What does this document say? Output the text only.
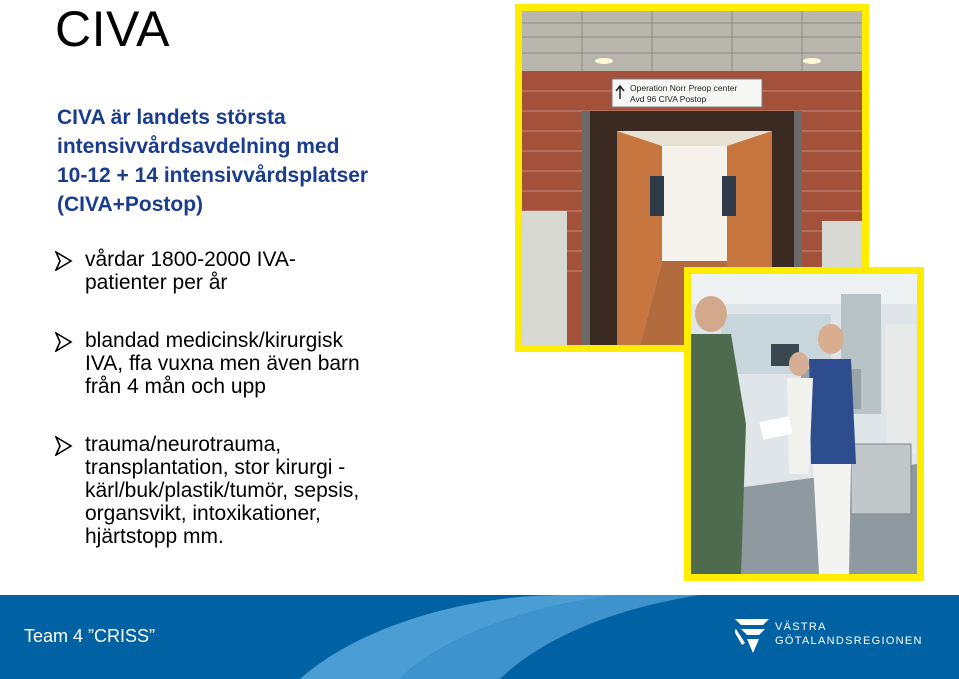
CIVA
CIVA är landets största
intensivvårdsavdelning med
10-12 + 14 intensivvårdsplatser
(CIVA+Postop)
vårdar 1800-2000 IVA-
patienter per år
blandad medicinsk/kirurgisk
IVA, ffa vuxna men även barn
från 4 mån och upp
trauma/neurotrauma,
transplantation, stor kirurgi -
kärl/buk/plastik/tumör, sepsis,
organsvikt, intoxikationer,
hjärtstopp mm.
Operation Norr Preop center
Avd 96 CIVA Postop
Team 4 ”CRISS”	VÄSTRA
GÖTALANDSREGIONEN
